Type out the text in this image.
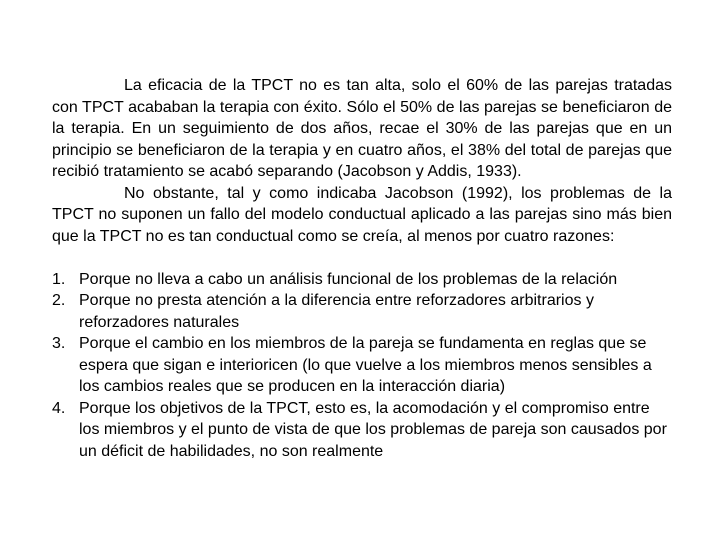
La eficacia de la TPCT no es tan alta, solo el 60% de las parejas tratadas con TPCT acababan la terapia con éxito. Sólo el 50% de las parejas se beneficiaron de la terapia. En un seguimiento de dos años, recae el 30% de las parejas que en un principio se beneficiaron de la terapia y en cuatro años, el 38% del total de parejas que recibió tratamiento se acabó separando (Jacobson y Addis, 1933).

No obstante, tal y como indicaba Jacobson (1992), los problemas de la TPCT no suponen un fallo del modelo conductual aplicado a las parejas sino más bien que la TPCT no es tan conductual como se creía, al menos por cuatro razones:

1. Porque no lleva a cabo un análisis funcional de los problemas de la relación
2. Porque no presta atención a la diferencia entre reforzadores arbitrarios y reforzadores naturales
3. Porque el cambio en los miembros de la pareja se fundamenta en reglas que se espera que sigan e interioricen (lo que vuelve a los miembros menos sensibles a los cambios reales que se producen en la interacción diaria)
4. Porque los objetivos de la TPCT, esto es, la acomodación y el compromiso entre los miembros y el punto de vista de que los problemas de pareja son causados por un déficit de habilidades, no son realmente
